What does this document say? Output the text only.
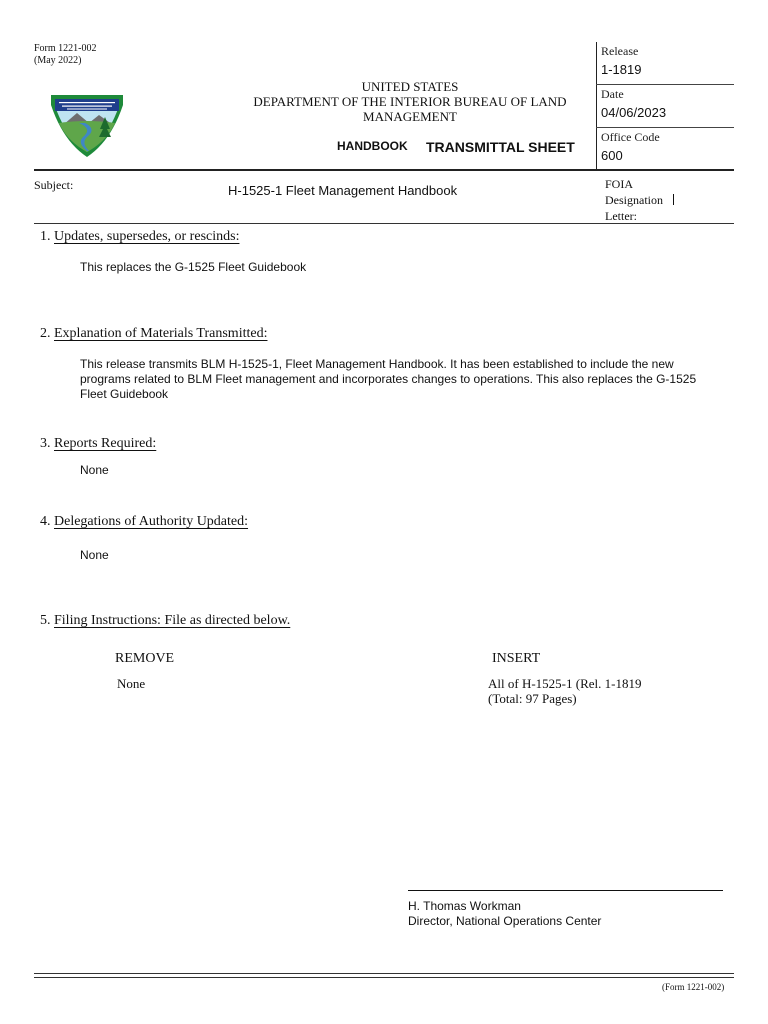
Form 1221-002
(May 2022)
UNITED STATES
DEPARTMENT OF THE INTERIOR BUREAU OF LAND MANAGEMENT
HANDBOOK TRANSMITTAL SHEET
Release
1-1819
Date
04/06/2023
Office Code
600
Subject:	H-1525-1 Fleet Management Handbook	FOIA
Designation
Letter:
1. Updates, supersedes, or rescinds:
This replaces the G-1525 Fleet Guidebook
2. Explanation of Materials Transmitted:
This release transmits BLM H-1525-1, Fleet Management Handbook. It has been established to include the new
programs related to BLM Fleet management and incorporates changes to operations. This also replaces the G-1525
Fleet Guidebook
3. Reports Required:
None
4. Delegations of Authority Updated:
None
5. Filing Instructions: File as directed below.
REMOVE
None
INSERT
All of H-1525-1 (Rel. 1-1819
(Total: 97 Pages)
H. Thomas Workman
Director, National Operations Center
(Form 1221-002)
